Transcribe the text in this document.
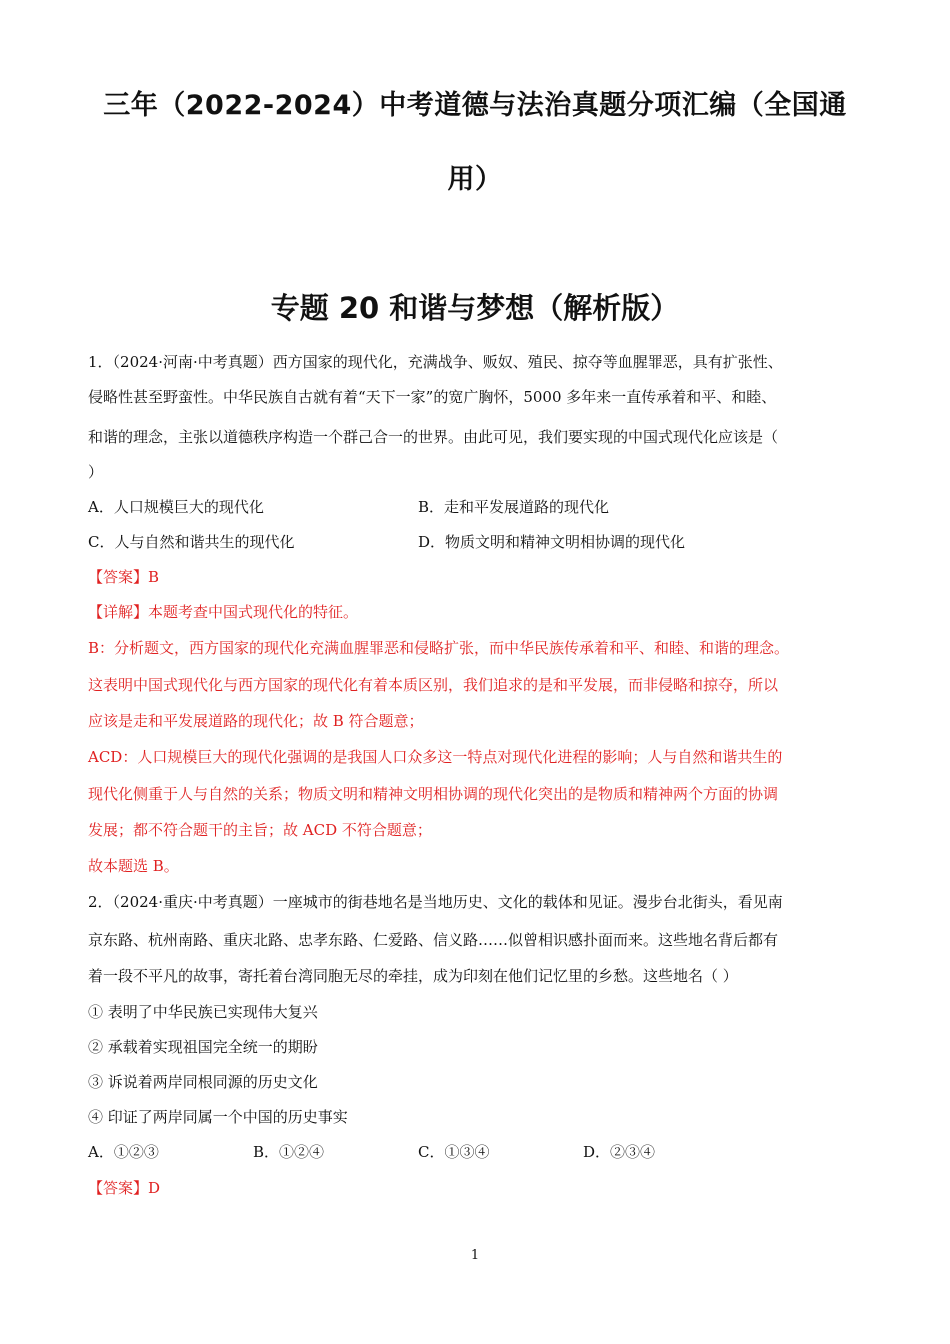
三年（2022-2024）中考道德与法治真题分项汇编（全国通
用）
专题 20 和谐与梦想（解析版）
1．（2024·河南·中考真题）西方国家的现代化，充满战争、贩奴、殖民、掠夺等血腥罪恶，具有扩张性、
侵略性甚至野蛮性。中华民族自古就有着“天下一家”的宽广胸怀，5000 多年来一直传承着和平、和睦、
和谐的理念，主张以道德秩序构造一个群己合一的世界。由此可见，我们要实现的中国式现代化应该是（
）
A．人口规模巨大的现代化	B．走和平发展道路的现代化
C．人与自然和谐共生的现代化	D．物质文明和精神文明相协调的现代化
【答案】B
【详解】本题考查中国式现代化的特征。
B：分析题文，西方国家的现代化充满血腥罪恶和侵略扩张，而中华民族传承着和平、和睦、和谐的理念。
这表明中国式现代化与西方国家的现代化有着本质区别，我们追求的是和平发展，而非侵略和掠夺，所以
应该是走和平发展道路的现代化；故 B 符合题意；
ACD：人口规模巨大的现代化强调的是我国人口众多这一特点对现代化进程的影响；人与自然和谐共生的
现代化侧重于人与自然的关系；物质文明和精神文明相协调的现代化突出的是物质和精神两个方面的协调
发展；都不符合题干的主旨；故 ACD 不符合题意；
故本题选 B。
2．（2024·重庆·中考真题）一座城市的街巷地名是当地历史、文化的载体和见证。漫步台北街头，看见南
京东路、杭州南路、重庆北路、忠孝东路、仁爱路、信义路……似曾相识感扑面而来。这些地名背后都有
着一段不平凡的故事，寄托着台湾同胞无尽的牵挂，成为印刻在他们记忆里的乡愁。这些地名（ ）
① 表明了中华民族已实现伟大复兴
② 承载着实现祖国完全统一的期盼
③ 诉说着两岸同根同源的历史文化
④ 印证了两岸同属一个中国的历史事实
A．①②③	B．①②④	C．①③④	D．②③④
【答案】D
1
